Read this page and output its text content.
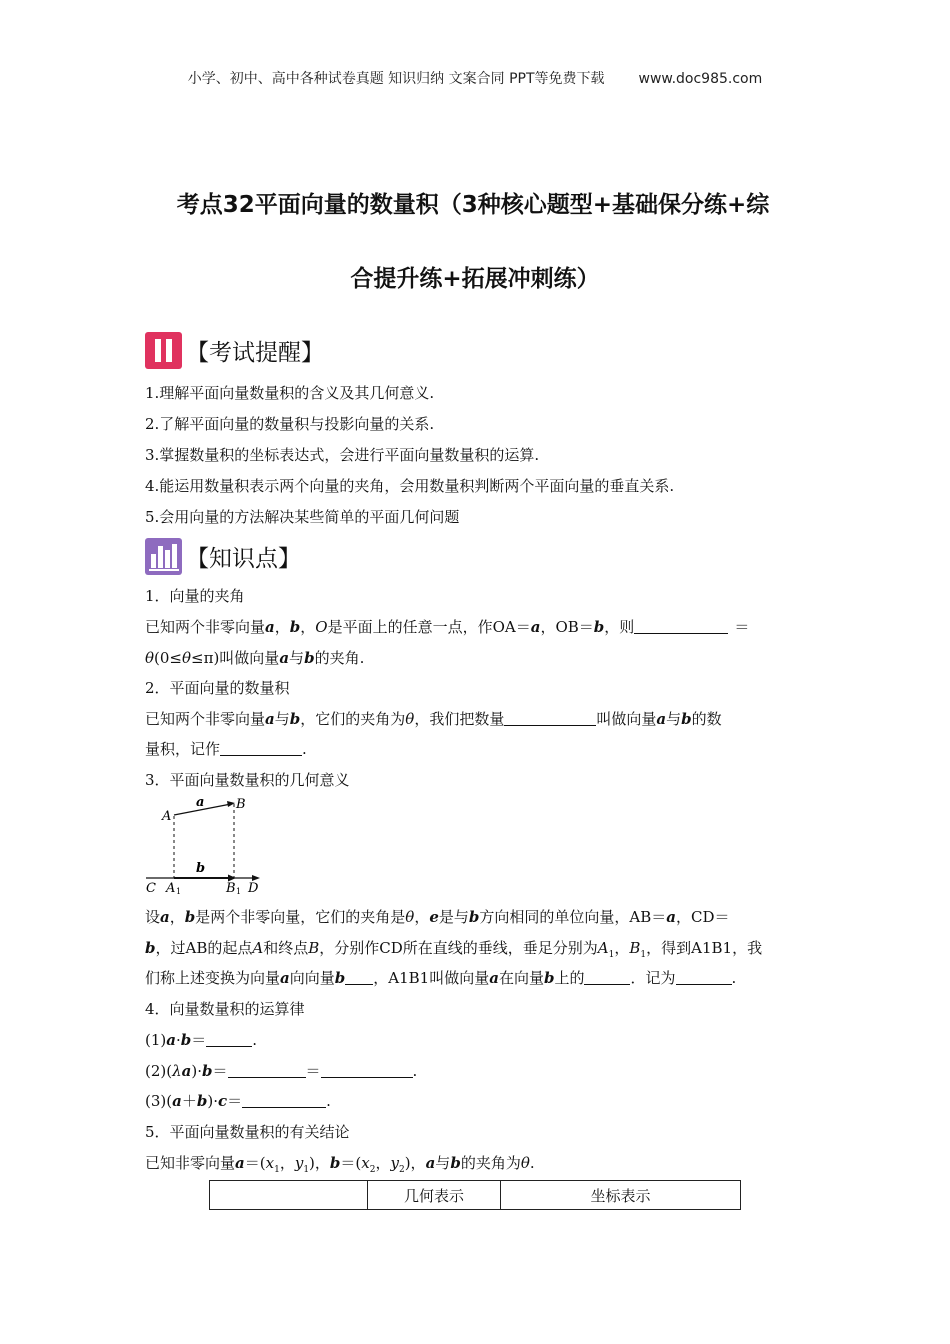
小学、初中、高中各种试卷真题 知识归纳 文案合同 PPT等免费下载 www.doc985.com
考点32平面向量的数量积（3种核心题型+基础保分练+综
合提升练+拓展冲刺练）
【考试提醒】
1.理解平面向量数量积的含义及其几何意义.
2.了解平面向量的数量积与投影向量的关系.
3.掌握数量积的坐标表达式，会进行平面向量数量积的运算.
4.能运用数量积表示两个向量的夹角，会用数量积判断两个平面向量的垂直关系.
5.会用向量的方法解决某些简单的平面几何问题
【知识点】
1．向量的夹角
已知两个非零向量a，b，O是平面上的任意一点，作OA＝a，OB＝b，则	＝
θ(0≤θ≤π)叫做向量a与b的夹角.
2．平面向量的数量积
已知两个非零向量a与b，它们的夹角为θ，我们把数量	叫做向量a与b的数
量积，记作	.
3．平面向量数量积的几何意义
A
B
a
b
C A 1	B 1 D
设a，b是两个非零向量，它们的夹角是θ，e是与b方向相同的单位向量，AB＝a，CD＝
b，过AB的起点A和终点B，分别作CD所在直线的垂线，垂足分别为$A_1$，$B_1$，得到A1B1，我
们称上述变换为向量a向向量b ，A1B1叫做向量a在向量b上的	．记为	.
4．向量数量积的运算律
(1)a·b＝	.
(2)(λa)·b＝	＝	.
(3)(a＋b)·c＝	.
5．平面向量数量积的有关结论
已知非零向量$a=(x_1$，$y_1$)，$b=(x_2$，$y_2$)，a与b的夹角为θ.
	几何表示	坐标表示
